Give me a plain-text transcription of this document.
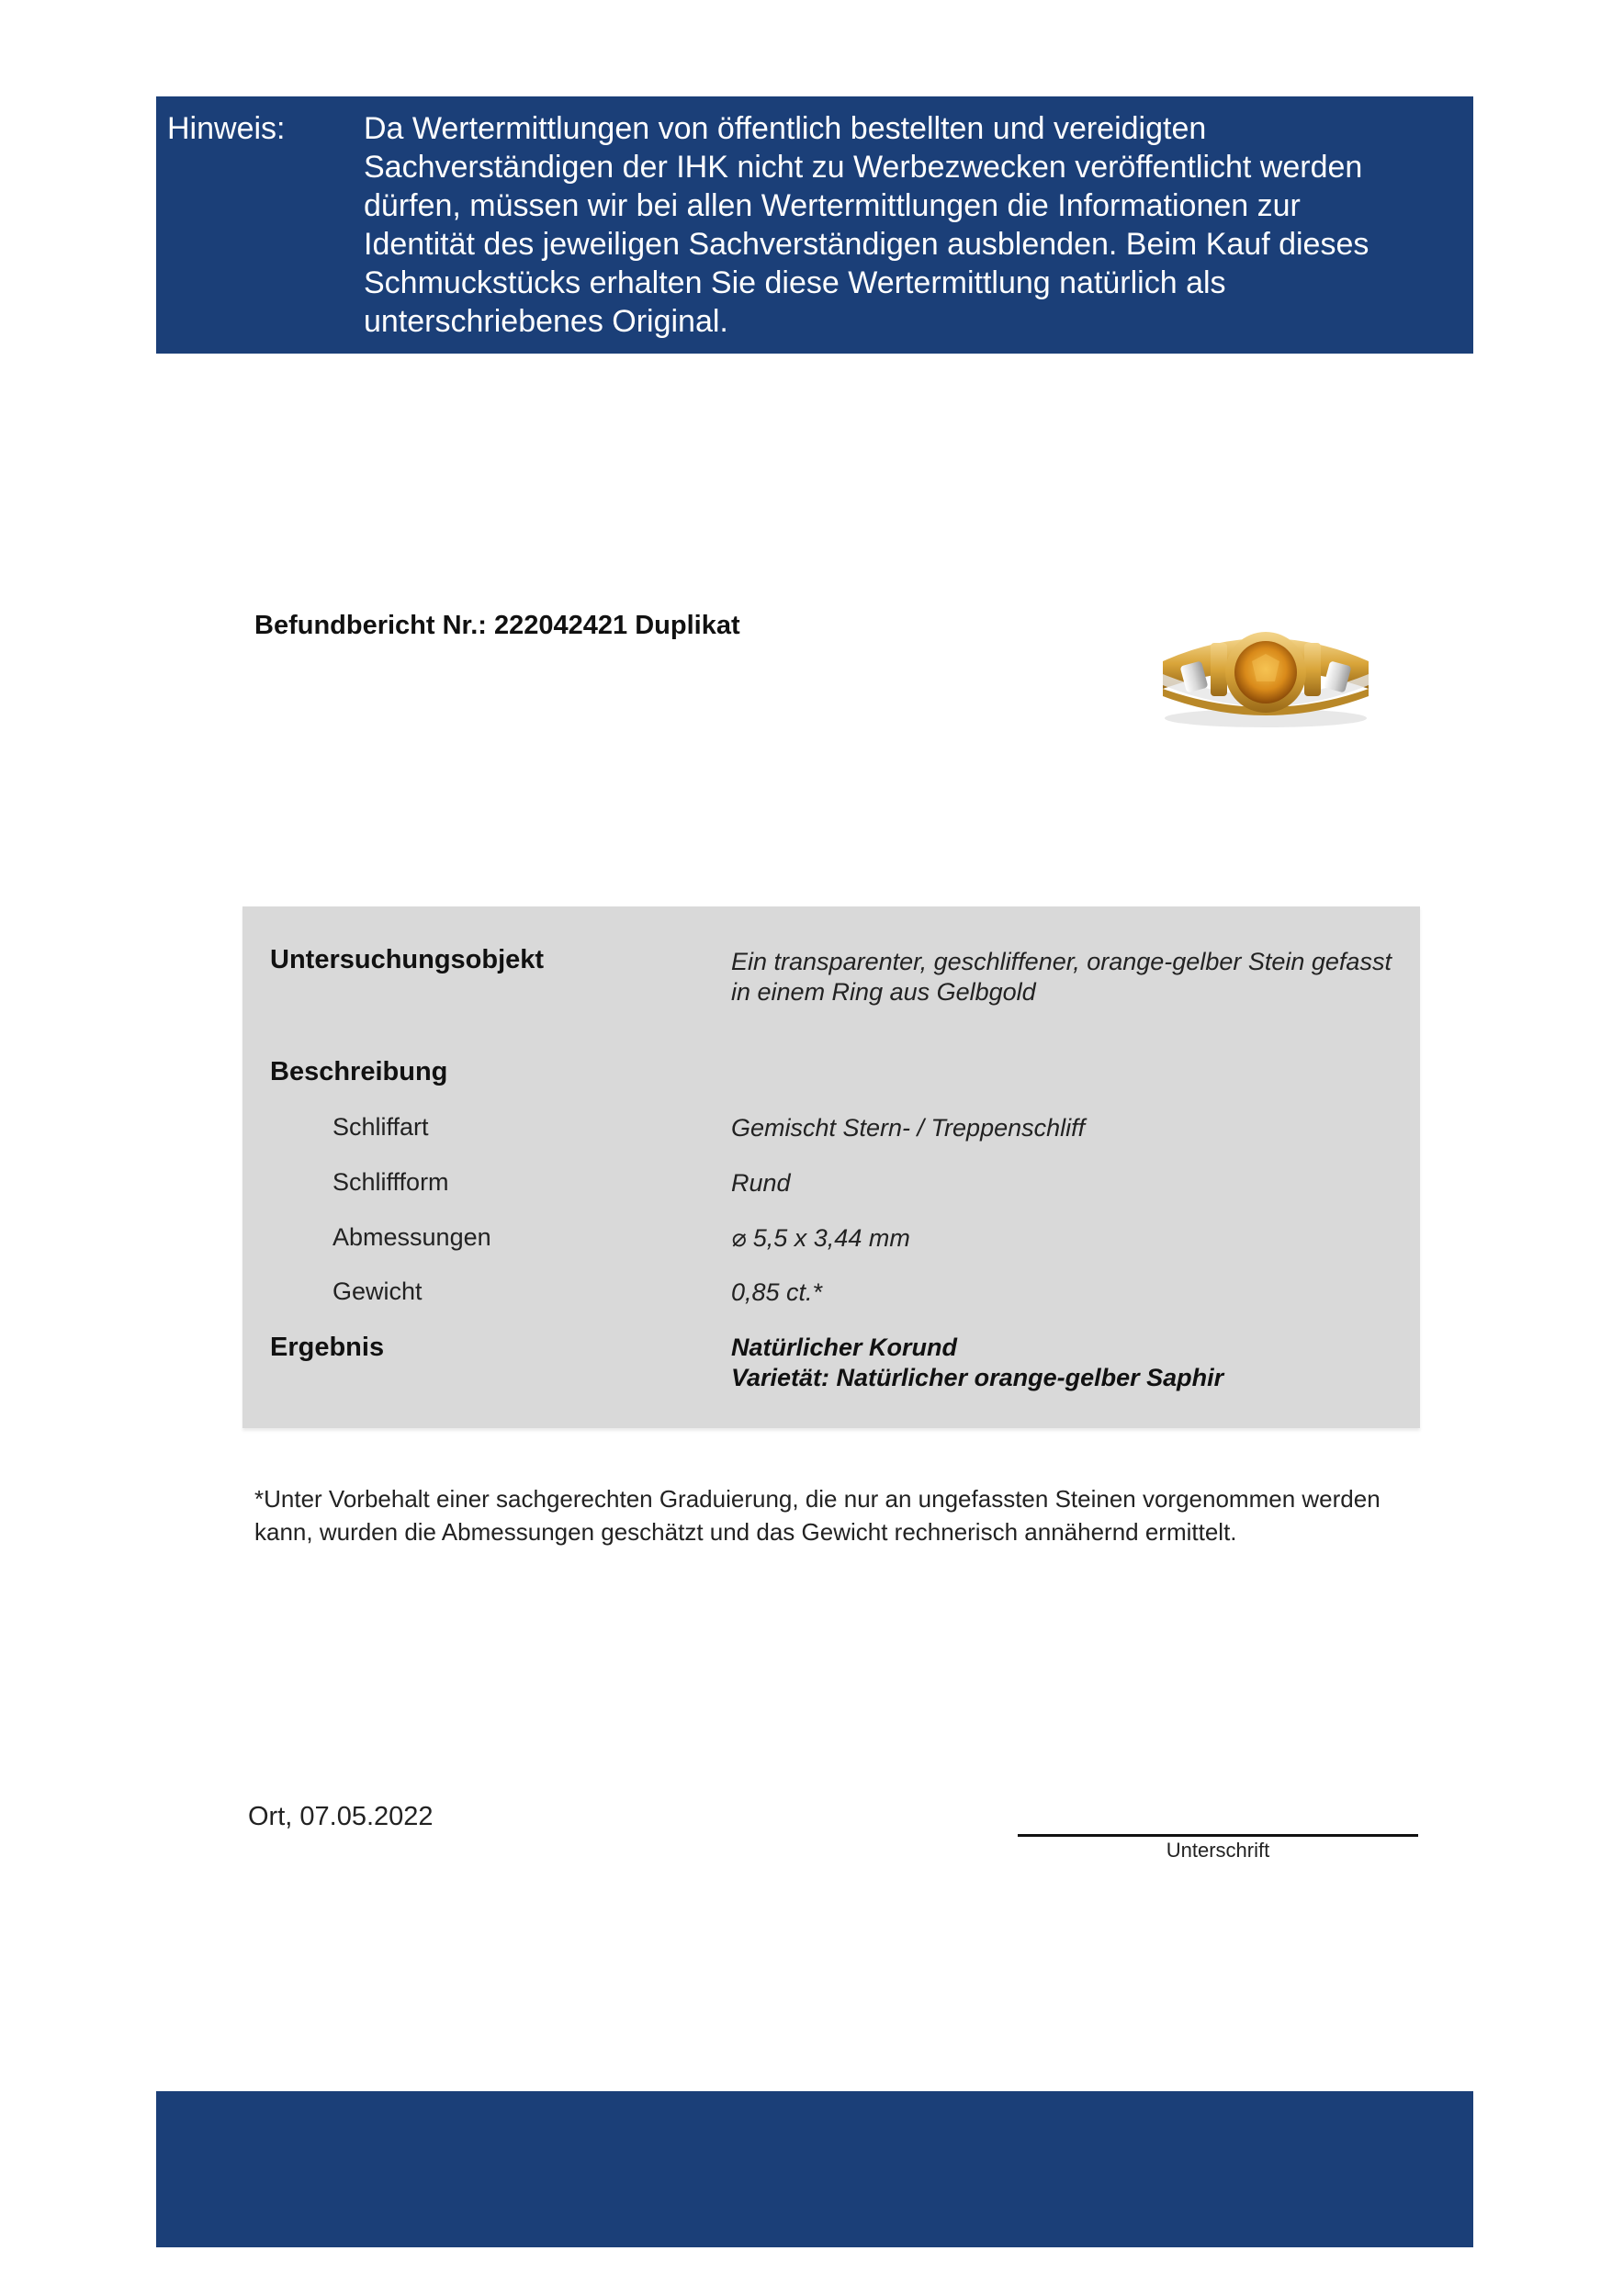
Hinweis:	Da Wertermittlungen von öffentlich bestellten und vereidigten Sachverständigen der IHK nicht zu Werbezwecken veröffentlicht werden dürfen, müssen wir bei allen Wertermittlungen die Informationen zur Identität des jeweiligen Sachverständigen ausblenden. Beim Kauf dieses Schmuckstücks erhalten Sie diese Wertermittlung natürlich als unterschriebenes Original.
Befundbericht Nr.: 222042421 Duplikat
Untersuchungsobjekt	Ein transparenter, geschliffener, orange-gelber Stein gefasst in einem Ring aus Gelbgold
Beschreibung
Schliffart	Gemischt Stern- / Treppenschliff
Schliffform	Rund
Abmessungen	⌀ 5,5 x 3,44 mm
Gewicht	0,85 ct.*
Ergebnis	Natürlicher Korund
Varietät: Natürlicher orange-gelber Saphir
*Unter Vorbehalt einer sachgerechten Graduierung, die nur an ungefassten Steinen vorgenommen werden kann, wurden die Abmessungen geschätzt und das Gewicht rechnerisch annähernd ermittelt.
Ort, 07.05.2022
Unterschrift
